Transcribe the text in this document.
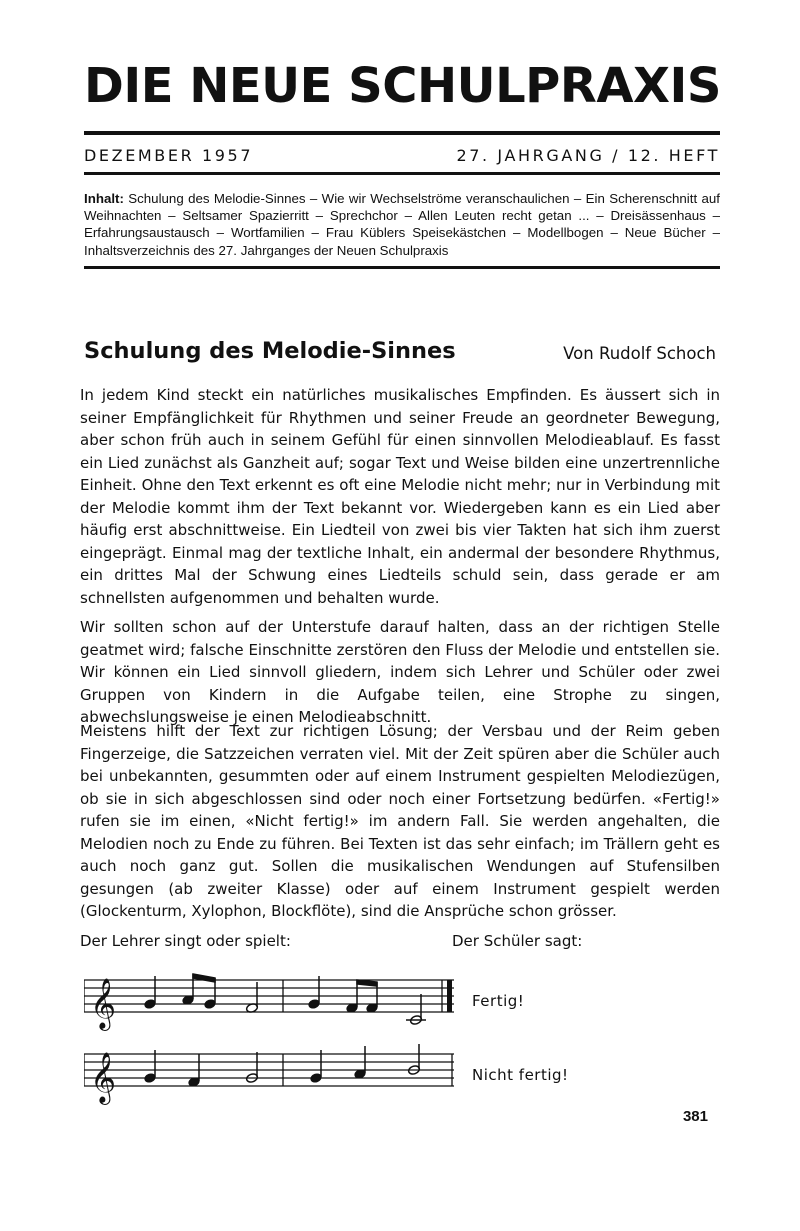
DIE NEUE SCHULPRAXIS
DEZEMBER 1957	27. JAHRGANG / 12. HEFT
Inhalt: Schulung des Melodie-Sinnes – Wie wir Wechselströme veranschaulichen – Ein Scherenschnitt auf Weihnachten – Seltsamer Spazierritt – Sprechchor – Allen Leuten recht getan ... – Dreisässenhaus – Erfahrungsaustausch – Wortfamilien – Frau Küblers Speisekästchen – Modellbogen – Neue Bücher – Inhaltsverzeichnis des 27. Jahrganges der Neuen Schulpraxis
Schulung des Melodie-Sinnes	Von Rudolf Schoch

In jedem Kind steckt ein natürliches musikalisches Empfinden. Es äussert sich in seiner Empfänglichkeit für Rhythmen und seiner Freude an geordneter Bewegung, aber schon früh auch in seinem Gefühl für einen sinnvollen Melodieablauf. Es fasst ein Lied zunächst als Ganzheit auf; sogar Text und Weise bilden eine unzertrennliche Einheit. Ohne den Text erkennt es oft eine Melodie nicht mehr; nur in Verbindung mit der Melodie kommt ihm der Text bekannt vor. Wiedergeben kann es ein Lied aber häufig erst abschnittweise. Ein Liedteil von zwei bis vier Takten hat sich ihm zuerst eingeprägt. Einmal mag der textliche Inhalt, ein andermal der besondere Rhythmus, ein drittes Mal der Schwung eines Liedteils schuld sein, dass gerade er am schnellsten aufgenommen und behalten wurde.

Wir sollten schon auf der Unterstufe darauf halten, dass an der richtigen Stelle geatmet wird; falsche Einschnitte zerstören den Fluss der Melodie und entstellen sie. Wir können ein Lied sinnvoll gliedern, indem sich Lehrer und Schüler oder zwei Gruppen von Kindern in die Aufgabe teilen, eine Strophe zu singen, abwechslungsweise je einen Melodieabschnitt.

Meistens hilft der Text zur richtigen Lösung; der Versbau und der Reim geben Fingerzeige, die Satzzeichen verraten viel. Mit der Zeit spüren aber die Schüler auch bei unbekannten, gesummten oder auf einem Instrument gespielten Melodiezügen, ob sie in sich abgeschlossen sind oder noch einer Fortsetzung bedürfen. «Fertig!» rufen sie im einen, «Nicht fertig!» im andern Fall. Sie werden angehalten, die Melodien noch zu Ende zu führen. Bei Texten ist das sehr einfach; im Trällern geht es auch noch ganz gut. Sollen die musikalischen Wendungen auf Stufensilben gesungen (ab zweiter Klasse) oder auf einem Instrument gespielt werden (Glockenturm, Xylophon, Blockflöte), sind die Ansprüche schon grösser.

Der Lehrer singt oder spielt:	Der Schüler sagt:
𝄞	Fertig!
𝄞	Nicht fertig!
381
